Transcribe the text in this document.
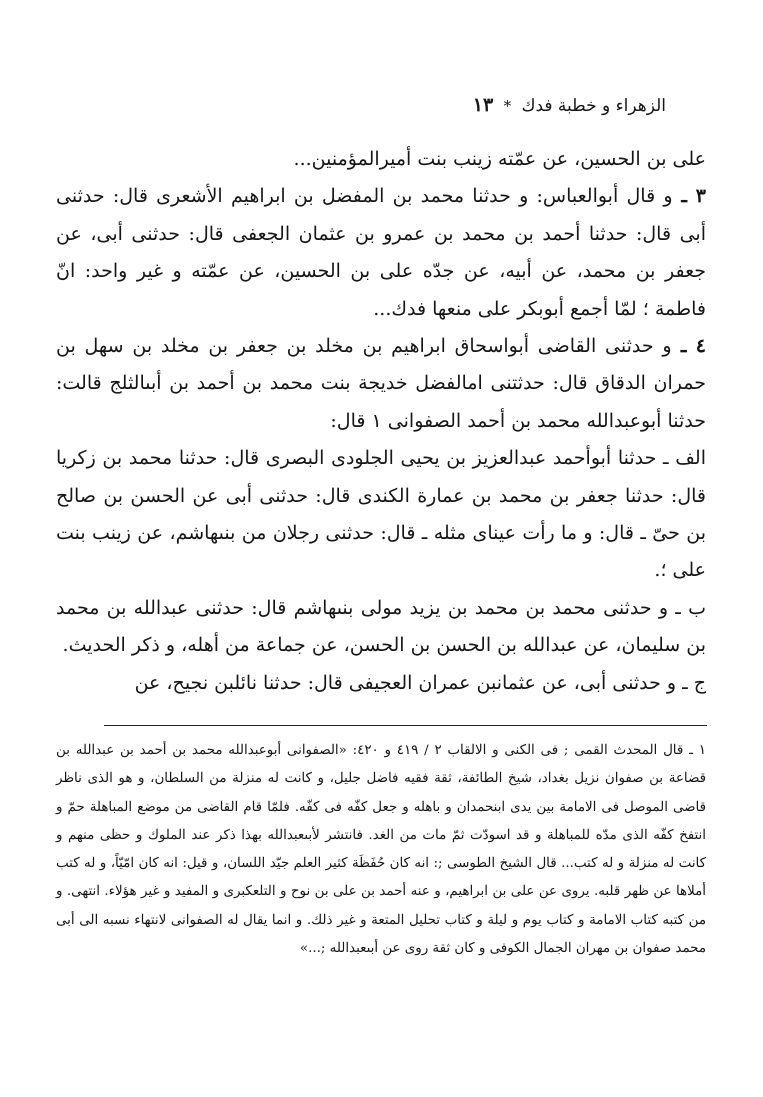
الزهراء و خطبة فدك * ١٣

على بن الحسين، عن عمّته زينب بنت أميرالمؤمنين...

٣ ـ و قال أبوالعباس: و حدثنا محمد بن المفضل بن ابراهيم الأشعرى قال: حدثنى أبى قال: حدثنا أحمد بن محمد بن عمرو بن عثمان الجعفى قال: حدثنى أبى، عن جعفر بن محمد، عن أبيه، عن جدّه على بن الحسين، عن عمّته و غير واحد: انّ فاطمة ؛ لمّا أجمع أبوبكر على منعها فدك...

٤ ـ و حدثنى القاضى أبواسحاق ابراهيم بن مخلد بن جعفر بن مخلد بن سهل بن حمران الدقاق قال: حدثتنى امالفضل خديجة بنت محمد بن أحمد بن أبىالثلج قالت: حدثنا أبوعبدالله محمد بن أحمد الصفوانى ١ قال:

الف ـ حدثنا أبوأحمد عبدالعزيز بن يحيى الجلودى البصرى قال: حدثنا محمد بن زكريا قال: حدثنا جعفر بن محمد بن عمارة الكندى قال: حدثنى أبى عن الحسن بن صالح بن حىّ ـ قال: و ما رأت عيناى مثله ـ قال: حدثنى رجلان من بنىهاشم، عن زينب بنت على ؛.

ب ـ و حدثنى محمد بن محمد بن يزيد مولى بنىهاشم قال: حدثنى عبدالله بن محمد بن سليمان، عن عبدالله بن الحسن بن الحسن، عن جماعة من أهله، و ذكر الحديث.

ج ـ و حدثنى أبى، عن عثمانبن عمران العجيفى قال: حدثنا نائلبن نجيح، عن

١ ـ قال المحدث القمى ; فى الكنى و الالقاب ٢ / ٤١٩ و ٤٢٠: «الصفوانى أبوعبدالله محمد بن أحمد بن عبدالله بن قضاعة بن صفوان نزيل بغداد، شيخ الطائفة، ثقة فقيه فاضل جليل، و كانت له منزلة من السلطان، و هو الذى ناظر قاضى الموصل فى الامامة بين يدى ابنحمدان و باهله و جعل كفّه فى كفّه. فلمّا قام القاضى من موضع المباهلة حمّ و انتفخ كفّه الذى مدّه للمباهلة و قد اسودّت ثمّ مات من الغد. فانتشر لأبىعبدالله بهذا ذكر عند الملوك و حظى منهم و كانت له منزلة و له كتب... قال الشيخ الطوسى ;: انه كان حُفَظَة كثير العلم جيّد اللسان، و قيل: انه كان امّيّاً، و له كتب أملاها عن ظهر قلبه. يروى عن على بن ابراهيم، و عنه أحمد بن على بن نوح و التلعكبرى و المفيد و غير هؤلاء. انتهى. و من كتبه كتاب الامامة و كتاب يوم و ليلة و كتاب تحليل المتعة و غير ذلك. و انما يقال له الصفوانى لانتهاء نسبه الى أبى محمد صفوان بن مهران الجمال الكوفى و كان ثقة روى عن أبىعبدالله ;...»
